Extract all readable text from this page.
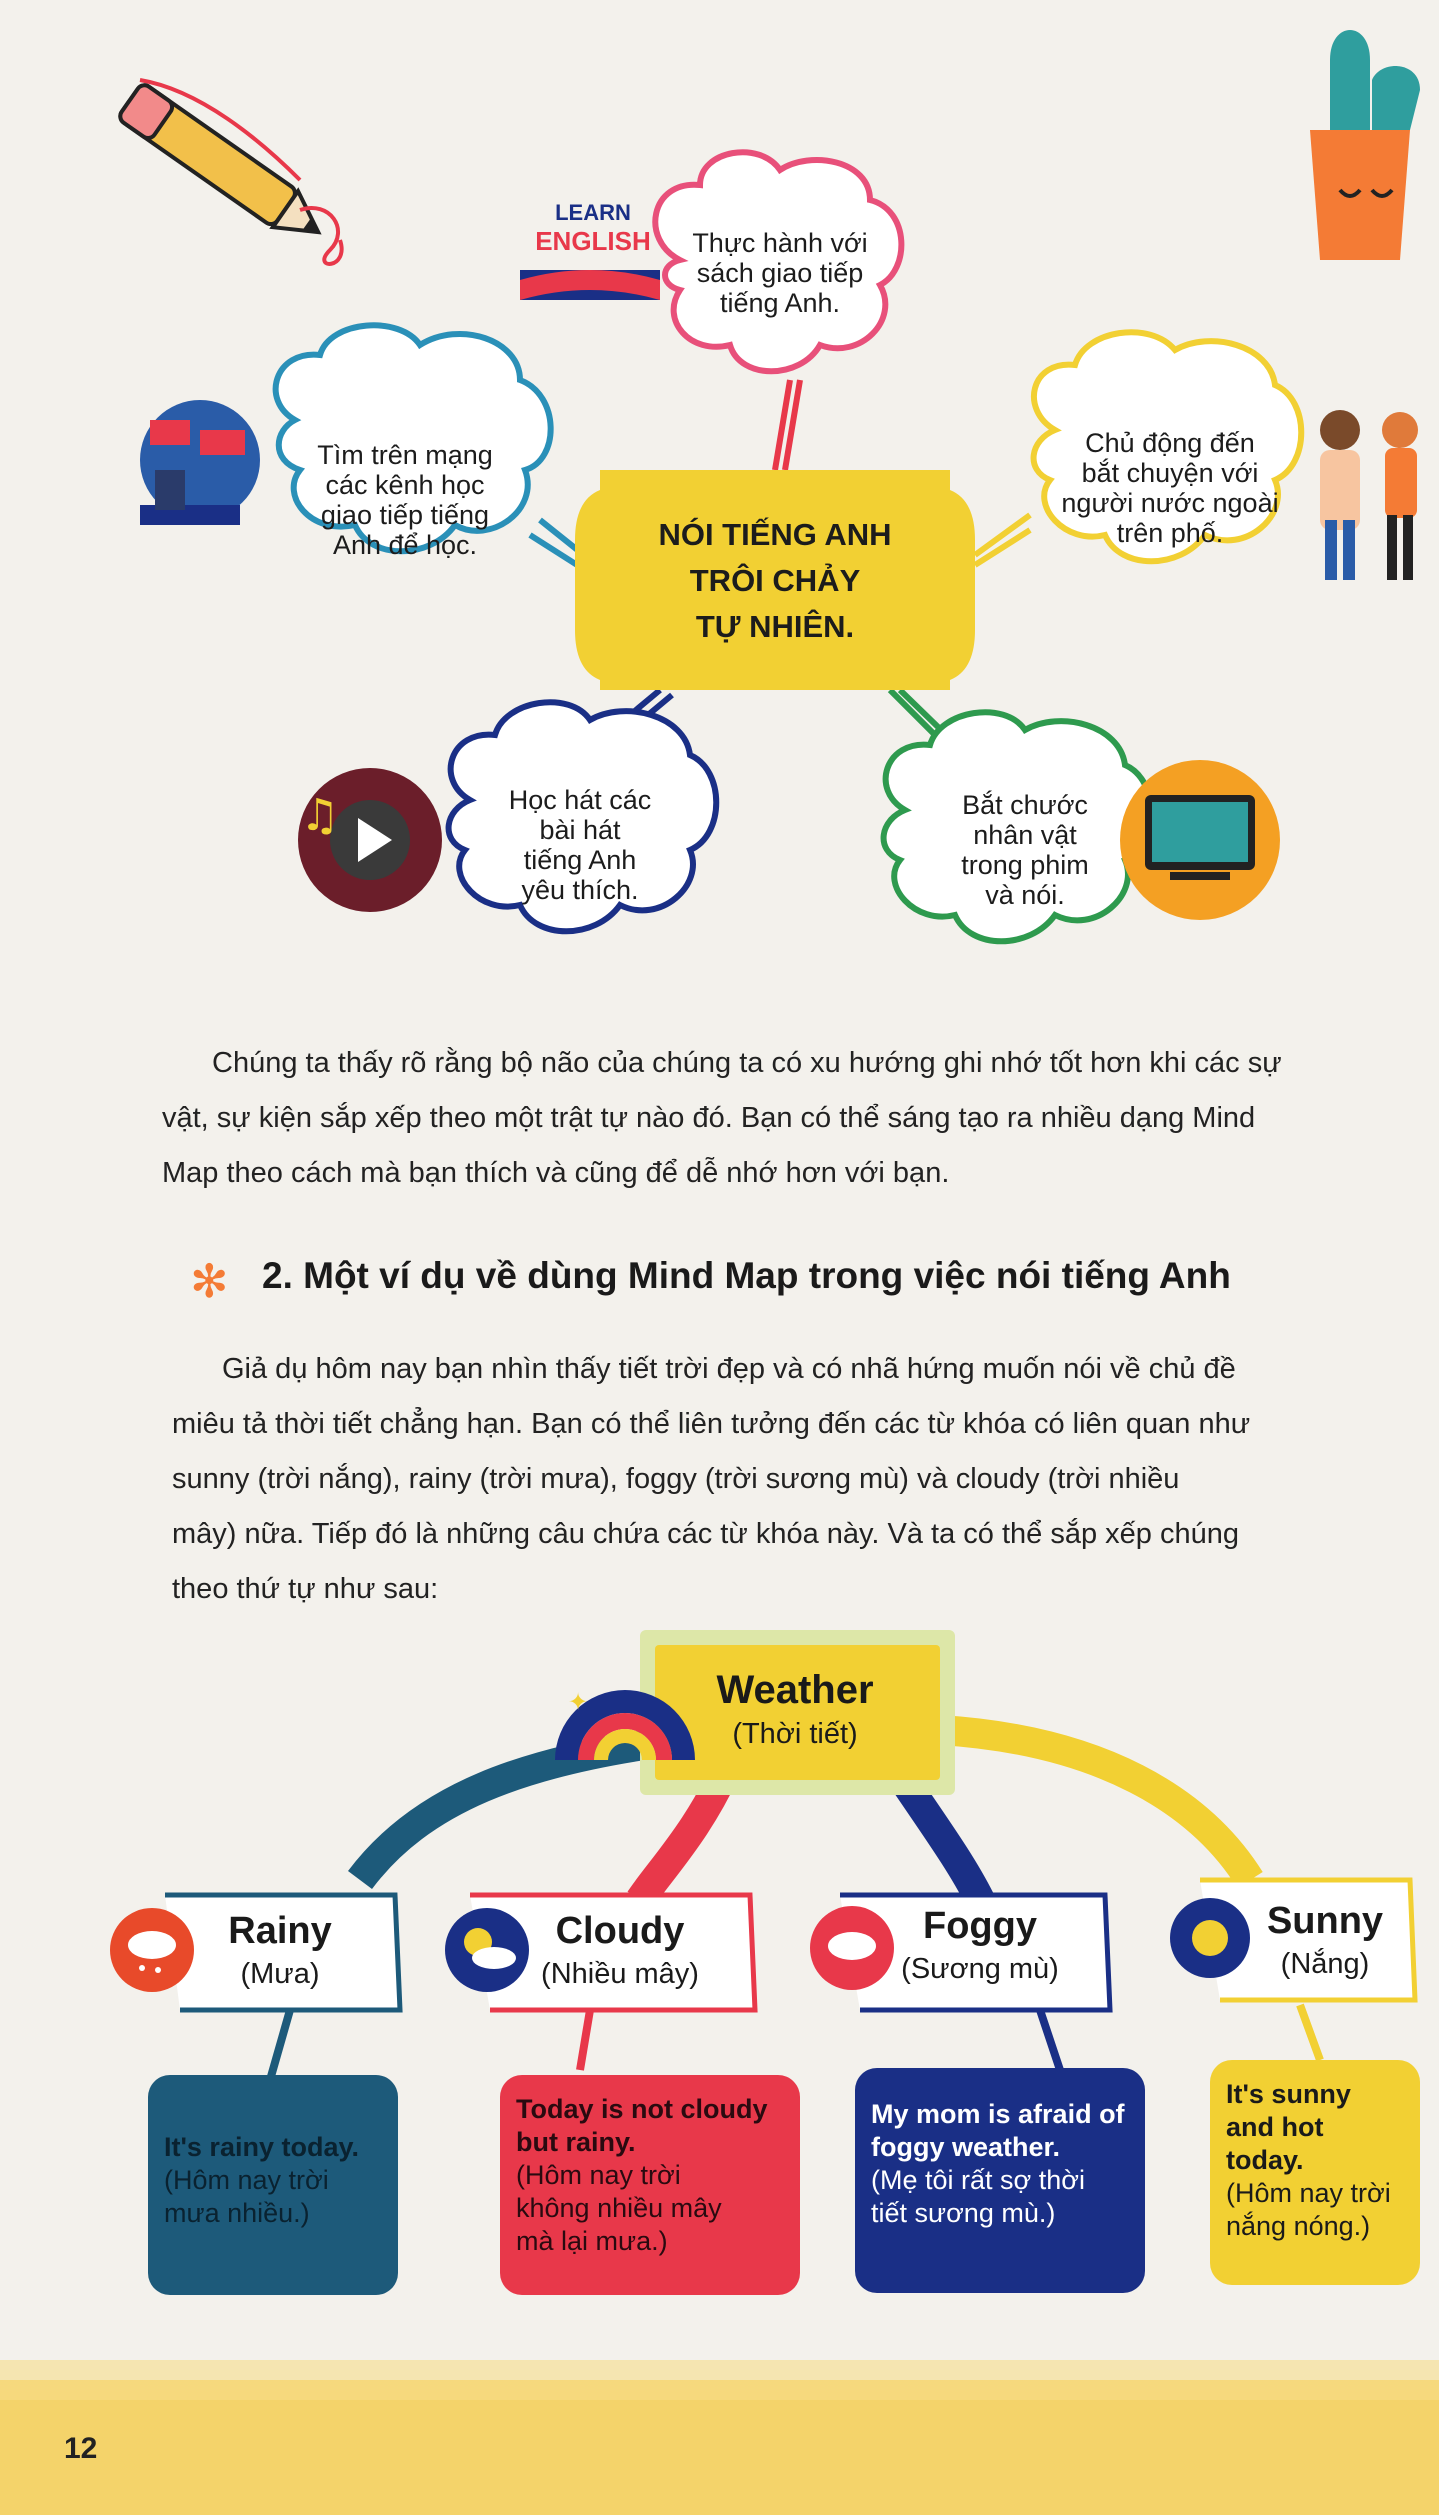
♫
✦
✻
LEARN
ENGLISH	Thực hành với
sách giao tiếp
tiếng Anh.
Tìm trên mạng
các kênh học
giao tiếp tiếng
Anh để học.
Chủ động đến
bắt chuyện với
người nước ngoài
trên phố.
NÓI TIẾNG ANH
TRÔI CHẢY
TỰ NHIÊN.
Học hát các
bài hát
tiếng Anh
yêu thích.
Bắt chước
nhân vật
trong phim
và nói.

Chúng ta thấy rõ rằng bộ não của chúng ta có xu hướng ghi nhớ tốt hơn khi các sự

vật, sự kiện sắp xếp theo một trật tự nào đó. Bạn có thể sáng tạo ra nhiều dạng Mind

Map theo cách mà bạn thích và cũng để dễ nhớ hơn với bạn.

2. Một ví dụ về dùng Mind Map trong việc nói tiếng Anh

Giả dụ hôm nay bạn nhìn thấy tiết trời đẹp và có nhã hứng muốn nói về chủ đề

miêu tả thời tiết chẳng hạn. Bạn có thể liên tưởng đến các từ khóa có liên quan như

sunny (trời nắng), rainy (trời mưa), foggy (trời sương mù) và cloudy (trời nhiều

mây) nữa. Tiếp đó là những câu chứa các từ khóa này. Và ta có thể sắp xếp chúng

theo thứ tự như sau:

Weather
(Thời tiết)
Rainy
(Mưa)
Cloudy
(Nhiều mây)
Foggy
(Sương mù)
Sunny
(Nắng)
It's rainy today.
(Hôm nay trời
mưa nhiều.)
Today is not cloudy but rainy.
(Hôm nay trời
không nhiều mây
mà lại mưa.)
My mom is afraid of foggy weather.
(Mẹ tôi rất sợ thời
tiết sương mù.)
It's sunny and hot today.
(Hôm nay trời
nắng nóng.)
12
